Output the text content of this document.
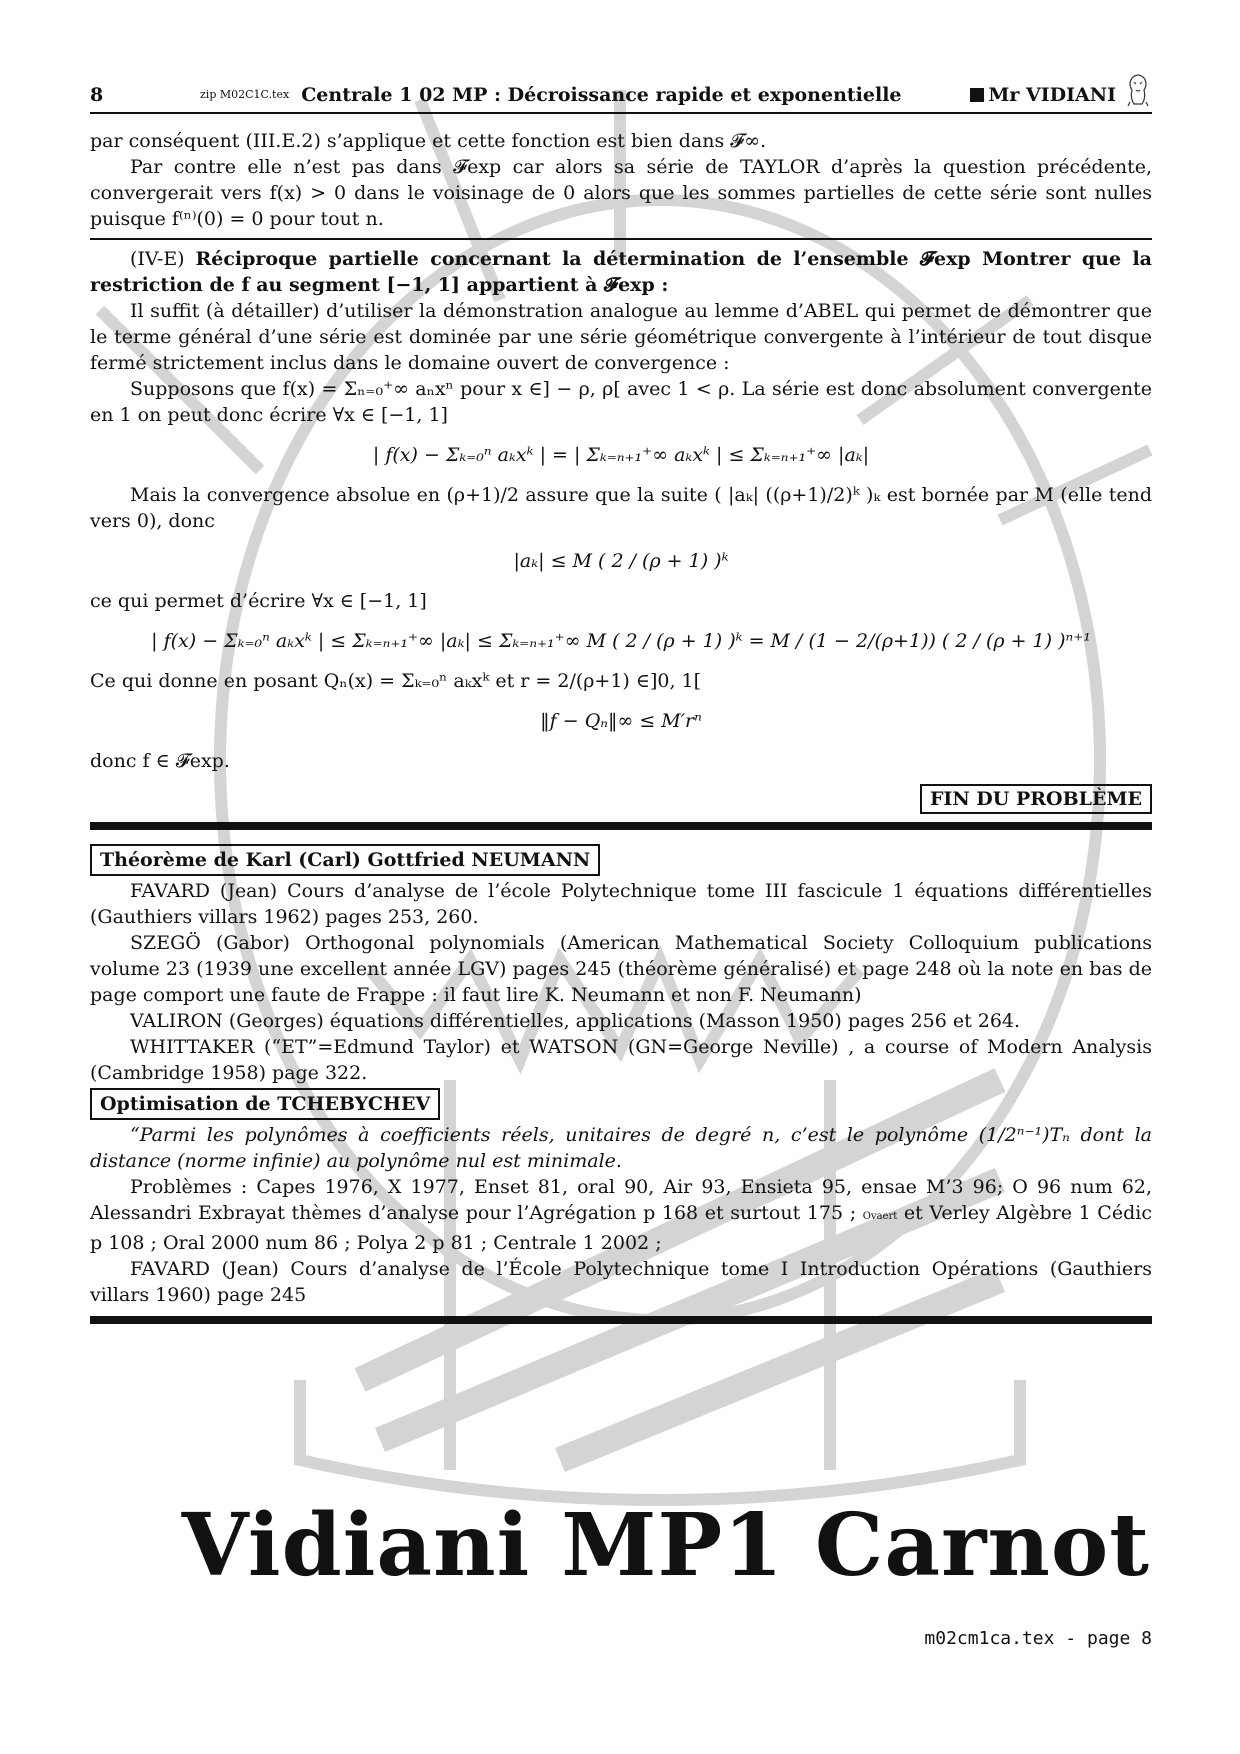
8	zip M02C1C.tex Centrale 1 02 MP : Décroissance rapide et exponentielle	Mr VIDIANI

par conséquent (III.E.2) s’applique et cette fonction est bien dans 𝓕∞.

Par contre elle n’est pas dans 𝓕exp car alors sa série de TAYLOR d’après la question précédente, convergerait vers f(x) > 0 dans le voisinage de 0 alors que les sommes partielles de cette série sont nulles puisque f⁽ⁿ⁾(0) = 0 pour tout n.

(IV-E) Réciproque partielle concernant la détermination de l’ensemble 𝓕exp Montrer que la restriction de f au segment [−1, 1] appartient à 𝓕exp :

Il suffit (à détailler) d’utiliser la démonstration analogue au lemme d’ABEL qui permet de démontrer que le terme général d’une série est dominée par une série géométrique convergente à l’intérieur de tout disque fermé strictement inclus dans le domaine ouvert de convergence :

Supposons que f(x) = Σₙ₌₀⁺∞ aₙxⁿ pour x ∈] − ρ, ρ[ avec 1 < ρ. La série est donc absolument convergente en 1 on peut donc écrire ∀x ∈ [−1, 1]

| f(x) − Σₖ₌₀ⁿ aₖxᵏ | = | Σₖ₌ₙ₊₁⁺∞ aₖxᵏ | ≤ Σₖ₌ₙ₊₁⁺∞ |aₖ|

Mais la convergence absolue en (ρ+1)/2 assure que la suite ( |aₖ| ((ρ+1)/2)ᵏ )ₖ est bornée par M (elle tend vers 0), donc

|aₖ| ≤ M ( 2 / (ρ + 1) )ᵏ

ce qui permet d’écrire ∀x ∈ [−1, 1]

| f(x) − Σₖ₌₀ⁿ aₖxᵏ | ≤ Σₖ₌ₙ₊₁⁺∞ |aₖ| ≤ Σₖ₌ₙ₊₁⁺∞ M ( 2 / (ρ + 1) )ᵏ = M / (1 − 2/(ρ+1)) ( 2 / (ρ + 1) )ⁿ⁺¹

Ce qui donne en posant Qₙ(x) = Σₖ₌₀ⁿ aₖxᵏ et r = 2/(ρ+1) ∈]0, 1[

‖f − Qₙ‖∞ ≤ M′rⁿ

donc f ∈ 𝓕exp.

FIN DU PROBLÈME
Théorème de Karl (Carl) Gottfried NEUMANN

FAVARD (Jean) Cours d’analyse de l’école Polytechnique tome III fascicule 1 équations différentielles (Gauthiers villars 1962) pages 253, 260.

SZEGÖ (Gabor) Orthogonal polynomials (American Mathematical Society Colloquium publications volume 23 (1939 une excellent année LGV) pages 245 (théorème généralisé) et page 248 où la note en bas de page comport une faute de Frappe : il faut lire K. Neumann et non F. Neumann)

VALIRON (Georges) équations différentielles, applications (Masson 1950) pages 256 et 264.

WHITTAKER (“ET”=Edmund Taylor) et WATSON (GN=George Neville) , a course of Modern Analysis (Cambridge 1958) page 322.

Optimisation de TCHEBYCHEV

“Parmi les polynômes à coefficients réels, unitaires de degré n, c’est le polynôme (1/2ⁿ⁻¹)Tₙ dont la distance (norme infinie) au polynôme nul est minimale.

Problèmes : Capes 1976, X 1977, Enset 81, oral 90, Air 93, Ensieta 95, ensae M’3 96; O 96 num 62, Alessandri Exbrayat thèmes d’analyse pour l’Agrégation p 168 et surtout 175 ; Ovaert et Verley Algèbre 1 Cédic p 108 ; Oral 2000 num 86 ; Polya 2 p 81 ; Centrale 1 2002 ;

FAVARD (Jean) Cours d’analyse de l’École Polytechnique tome I Introduction Opérations (Gauthiers villars 1960) page 245

Vidiani MP1 Carnot
m02cm1ca.tex - page 8
